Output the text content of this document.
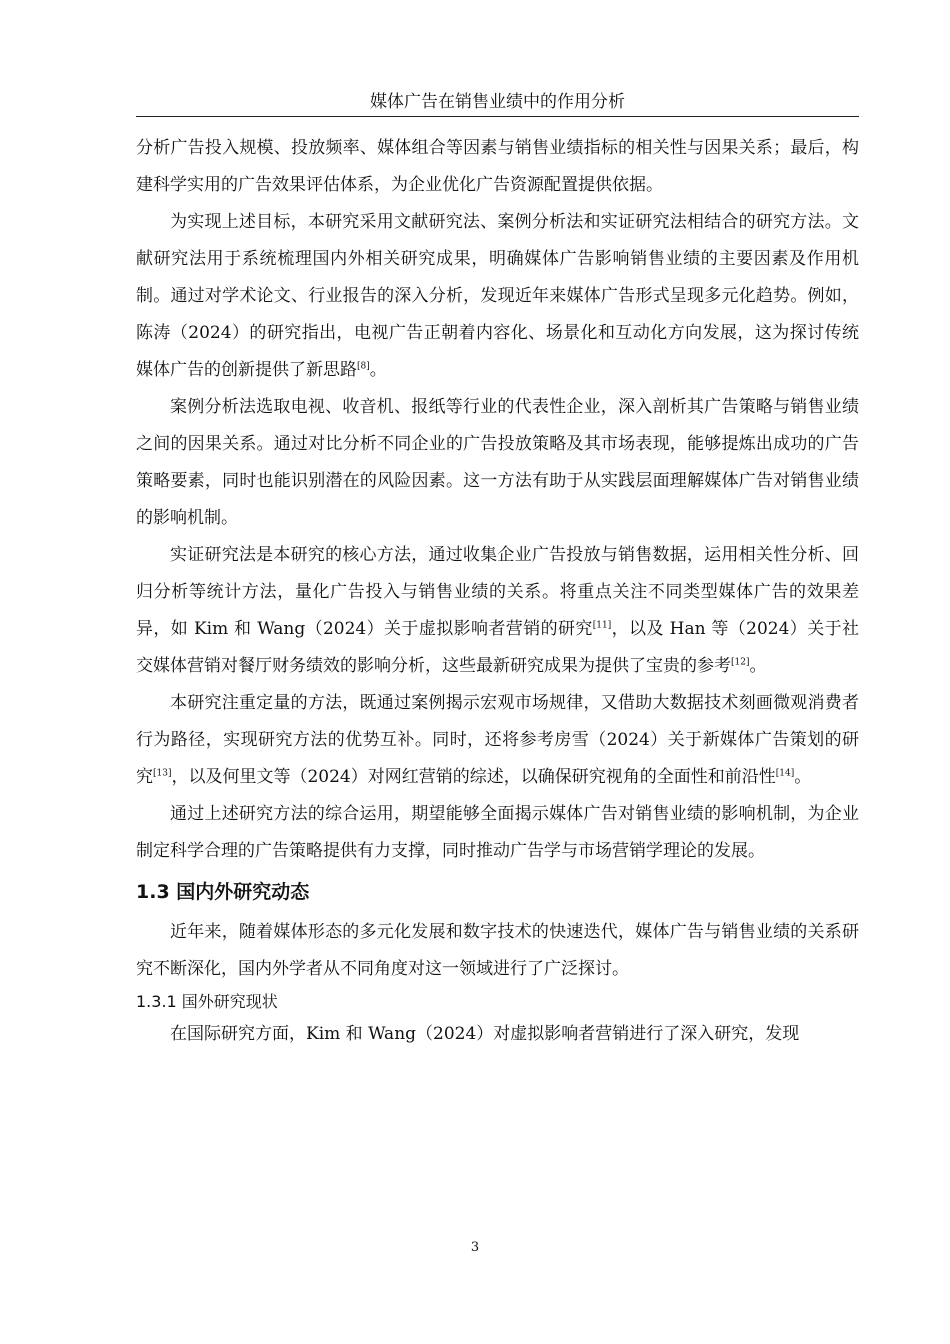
媒体广告在销售业绩中的作用分析

分析广告投入规模、投放频率、媒体组合等因素与销售业绩指标的相关性与因果关系；最后，构建科学实用的广告效果评估体系，为企业优化广告资源配置提供依据。

为实现上述目标，本研究采用文献研究法、案例分析法和实证研究法相结合的研究方法。文献研究法用于系统梳理国内外相关研究成果，明确媒体广告影响销售业绩的主要因素及作用机制。通过对学术论文、行业报告的深入分析，发现近年来媒体广告形式呈现多元化趋势。例如，陈涛（2024）的研究指出，电视广告正朝着内容化、场景化和互动化方向发展，这为探讨传统媒体广告的创新提供了新思路[8]。

案例分析法选取电视、收音机、报纸等行业的代表性企业，深入剖析其广告策略与销售业绩之间的因果关系。通过对比分析不同企业的广告投放策略及其市场表现，能够提炼出成功的广告策略要素，同时也能识别潜在的风险因素。这一方法有助于从实践层面理解媒体广告对销售业绩的影响机制。

实证研究法是本研究的核心方法，通过收集企业广告投放与销售数据，运用相关性分析、回归分析等统计方法，量化广告投入与销售业绩的关系。将重点关注不同类型媒体广告的效果差异，如 Kim 和 Wang（2024）关于虚拟影响者营销的研究[11]，以及 Han 等（2024）关于社交媒体营销对餐厅财务绩效的影响分析，这些最新研究成果为提供了宝贵的参考[12]。

本研究注重定量的方法，既通过案例揭示宏观市场规律，又借助大数据技术刻画微观消费者行为路径，实现研究方法的优势互补。同时，还将参考房雪（2024）关于新媒体广告策划的研究[13]，以及何里文等（2024）对网红营销的综述，以确保研究视角的全面性和前沿性[14]。

通过上述研究方法的综合运用，期望能够全面揭示媒体广告对销售业绩的影响机制，为企业制定科学合理的广告策略提供有力支撑，同时推动广告学与市场营销学理论的发展。

1.3 国内外研究动态

近年来，随着媒体形态的多元化发展和数字技术的快速迭代，媒体广告与销售业绩的关系研究不断深化，国内外学者从不同角度对这一领域进行了广泛探讨。

1.3.1 国外研究现状

在国际研究方面，Kim 和 Wang（2024）对虚拟影响者营销进行了深入研究，发现

3
